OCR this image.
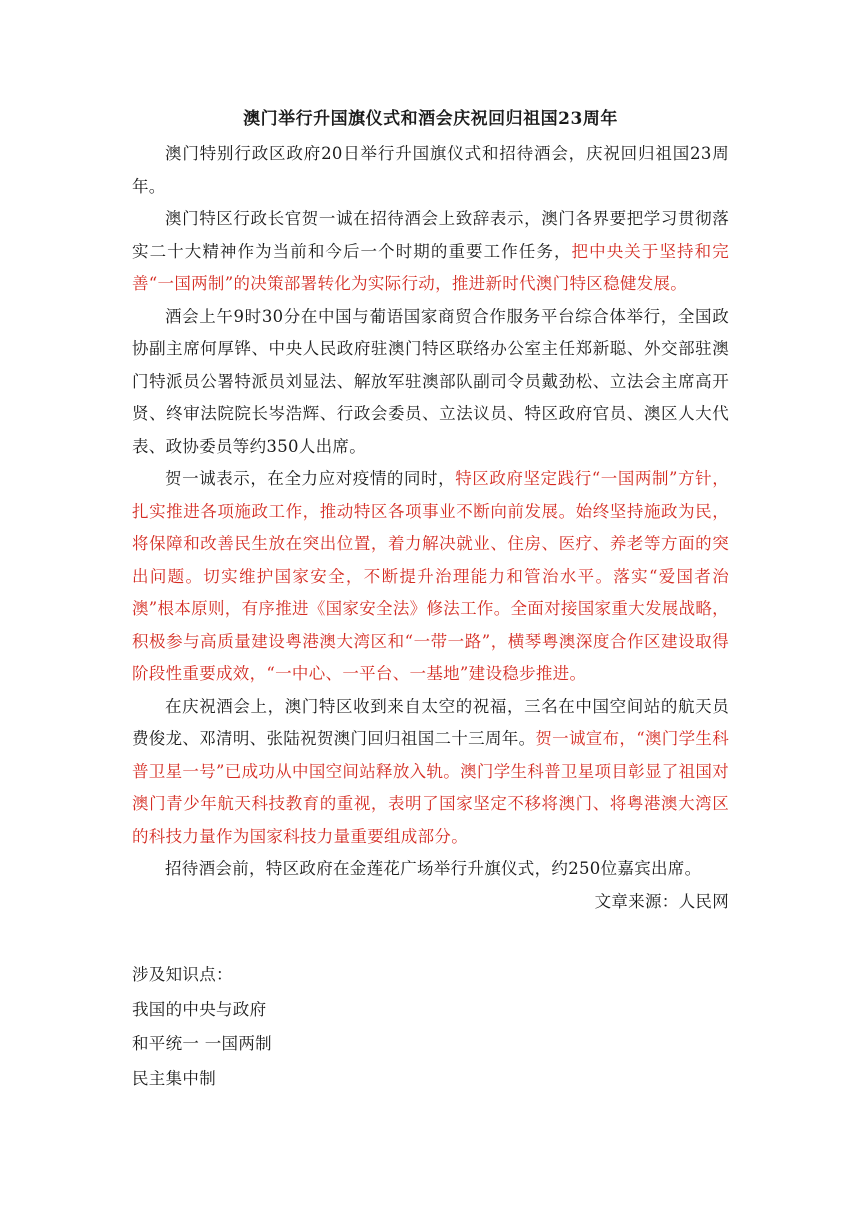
澳门举行升国旗仪式和酒会庆祝回归祖国23周年

澳门特别行政区政府20日举行升国旗仪式和招待酒会，庆祝回归祖国23周年。

澳门特区行政长官贺一诚在招待酒会上致辞表示，澳门各界要把学习贯彻落实二十大精神作为当前和今后一个时期的重要工作任务，把中央关于坚持和完善“一国两制”的决策部署转化为实际行动，推进新时代澳门特区稳健发展。

酒会上午9时30分在中国与葡语国家商贸合作服务平台综合体举行，全国政协副主席何厚铧、中央人民政府驻澳门特区联络办公室主任郑新聪、外交部驻澳门特派员公署特派员刘显法、解放军驻澳部队副司令员戴劲松、立法会主席高开贤、终审法院院长岑浩辉、行政会委员、立法议员、特区政府官员、澳区人大代表、政协委员等约350人出席。

贺一诚表示，在全力应对疫情的同时，特区政府坚定践行“一国两制”方针，扎实推进各项施政工作，推动特区各项事业不断向前发展。始终坚持施政为民，将保障和改善民生放在突出位置，着力解决就业、住房、医疗、养老等方面的突出问题。切实维护国家安全，不断提升治理能力和管治水平。落实“爱国者治澳”根本原则，有序推进《国家安全法》修法工作。全面对接国家重大发展战略，积极参与高质量建设粤港澳大湾区和“一带一路”，横琴粤澳深度合作区建设取得阶段性重要成效，“一中心、一平台、一基地”建设稳步推进。

在庆祝酒会上，澳门特区收到来自太空的祝福，三名在中国空间站的航天员费俊龙、邓清明、张陆祝贺澳门回归祖国二十三周年。贺一诚宣布，“澳门学生科普卫星一号”已成功从中国空间站释放入轨。澳门学生科普卫星项目彰显了祖国对澳门青少年航天科技教育的重视，表明了国家坚定不移将澳门、将粤港澳大湾区的科技力量作为国家科技力量重要组成部分。

招待酒会前，特区政府在金莲花广场举行升旗仪式，约250位嘉宾出席。

文章来源：人民网

涉及知识点：

我国的中央与政府

和平统一 一国两制

民主集中制
